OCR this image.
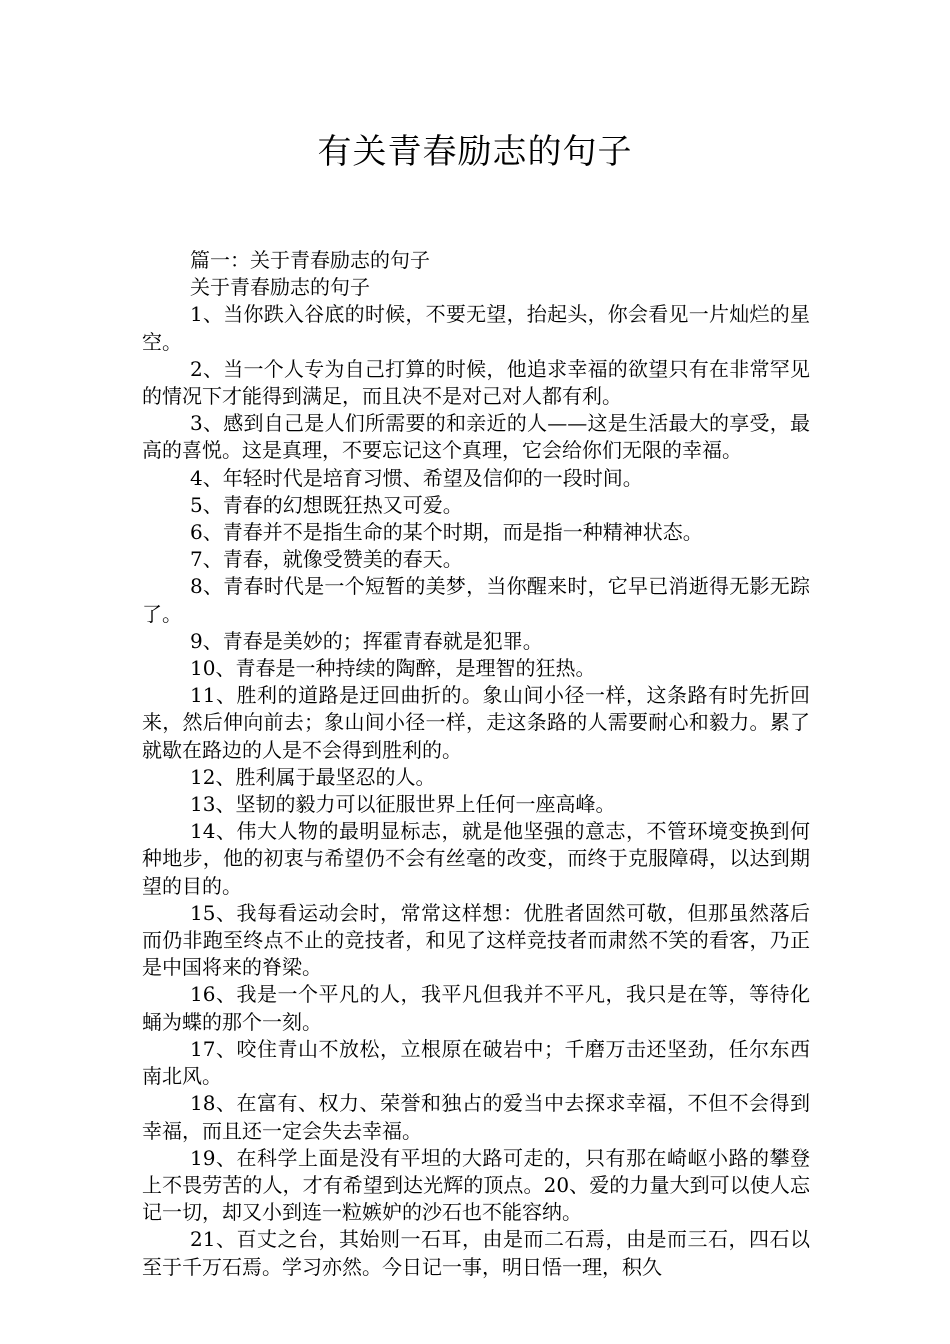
有关青春励志的句子

篇一：关于青春励志的句子

关于青春励志的句子

1、当你跌入谷底的时候，不要无望，抬起头，你会看见一片灿烂的星空。

2、当一个人专为自己打算的时候，他追求幸福的欲望只有在非常罕见的情况下才能得到满足，而且决不是对己对人都有利。

3、感到自己是人们所需要的和亲近的人——这是生活最大的享受，最高的喜悦。这是真理，不要忘记这个真理，它会给你们无限的幸福。

4、年轻时代是培育习惯、希望及信仰的一段时间。

5、青春的幻想既狂热又可爱。

6、青春并不是指生命的某个时期，而是指一种精神状态。

7、青春，就像受赞美的春天。

8、青春时代是一个短暂的美梦，当你醒来时，它早已消逝得无影无踪了。

9、青春是美妙的；挥霍青春就是犯罪。

10、青春是一种持续的陶醉，是理智的狂热。

11、胜利的道路是迂回曲折的。象山间小径一样，这条路有时先折回来，然后伸向前去；象山间小径一样，走这条路的人需要耐心和毅力。累了就歇在路边的人是不会得到胜利的。

12、胜利属于最坚忍的人。

13、坚韧的毅力可以征服世界上任何一座高峰。

14、伟大人物的最明显标志，就是他坚强的意志，不管环境变换到何种地步，他的初衷与希望仍不会有丝毫的改变，而终于克服障碍，以达到期望的目的。

15、我每看运动会时，常常这样想：优胜者固然可敬，但那虽然落后而仍非跑至终点不止的竞技者，和见了这样竞技者而肃然不笑的看客，乃正是中国将来的脊梁。

16、我是一个平凡的人，我平凡但我并不平凡，我只是在等，等待化蛹为蝶的那个一刻。

17、咬住青山不放松，立根原在破岩中；千磨万击还坚劲，任尔东西南北风。

18、在富有、权力、荣誉和独占的爱当中去探求幸福，不但不会得到幸福，而且还一定会失去幸福。

19、在科学上面是没有平坦的大路可走的，只有那在崎岖小路的攀登上不畏劳苦的人，才有希望到达光辉的顶点。20、爱的力量大到可以使人忘记一切，却又小到连一粒嫉妒的沙石也不能容纳。

21、百丈之台，其始则一石耳，由是而二石焉，由是而三石，四石以至于千万石焉。学习亦然。今日记一事，明日悟一理，积久
